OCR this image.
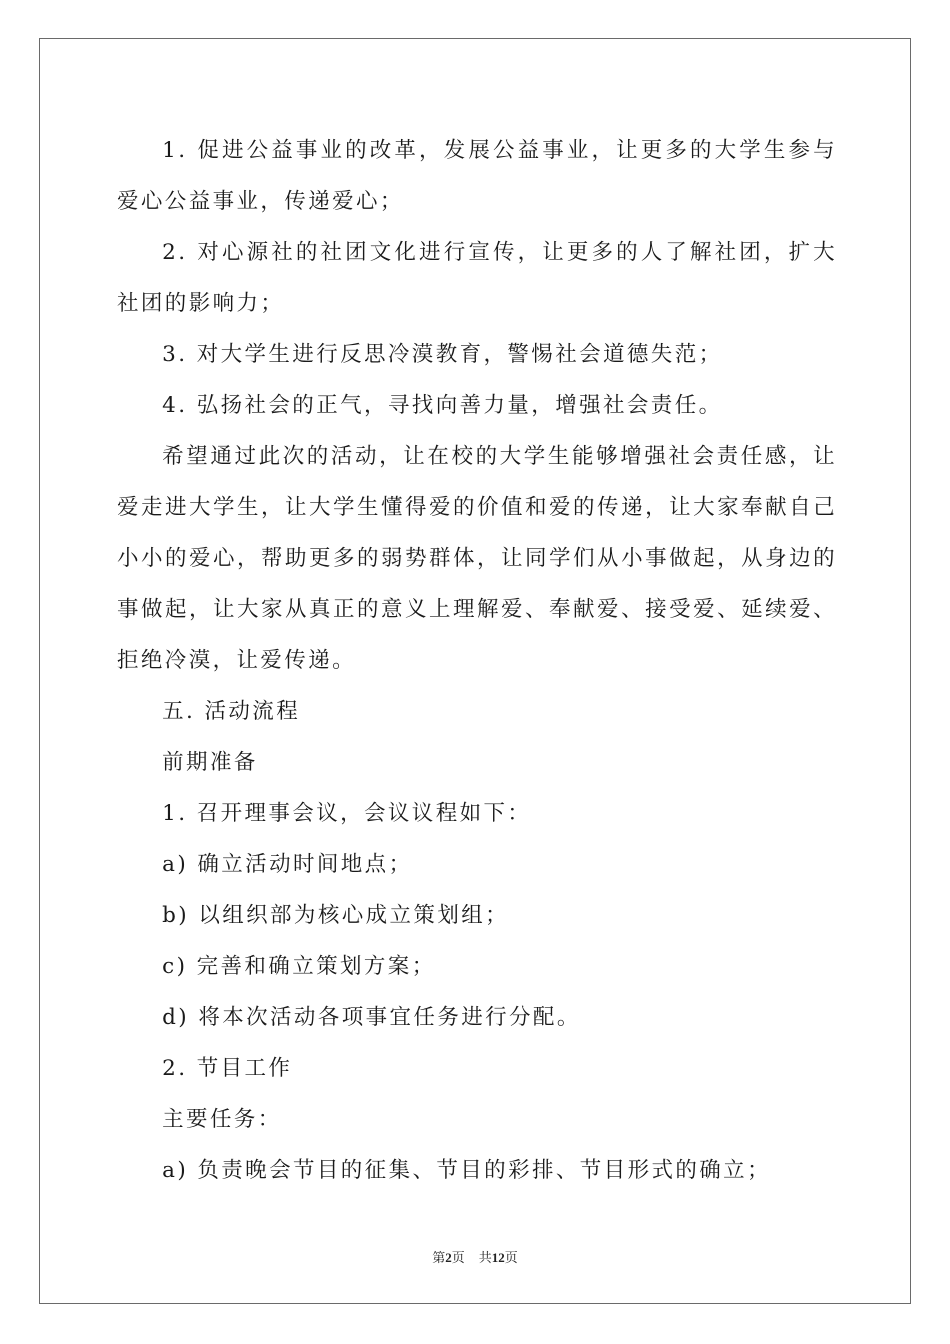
1. 促进公益事业的改革，发展公益事业，让更多的大学生参与爱心公益事业，传递爱心；

2. 对心源社的社团文化进行宣传，让更多的人了解社团，扩大社团的影响力；

3. 对大学生进行反思冷漠教育，警惕社会道德失范；

4. 弘扬社会的正气，寻找向善力量，增强社会责任。

希望通过此次的活动，让在校的大学生能够增强社会责任感，让爱走进大学生，让大学生懂得爱的价值和爱的传递，让大家奉献自己小小的爱心，帮助更多的弱势群体，让同学们从小事做起，从身边的事做起，让大家从真正的意义上理解爱、奉献爱、接受爱、延续爱、拒绝冷漠，让爱传递。

五. 活动流程

前期准备

1. 召开理事会议，会议议程如下：

a) 确立活动时间地点；

b) 以组织部为核心成立策划组；

c) 完善和确立策划方案；

d) 将本次活动各项事宜任务进行分配。

2. 节目工作

主要任务：

a) 负责晚会节目的征集、节目的彩排、节目形式的确立；

第2页 共12页
